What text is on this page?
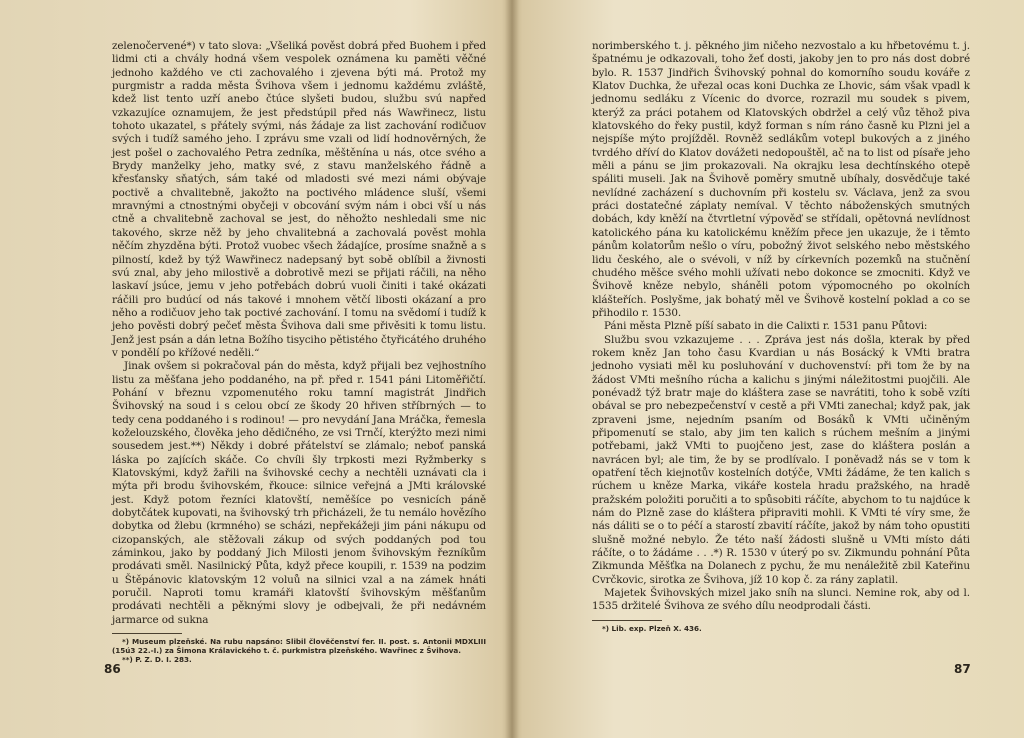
zelenočervené*) v tato slova: „Všeliká pověst dobrá před Buohem i před lidmi cti a chvály hodná všem vespolek oznámena ku paměti věčné jednoho každého ve cti zachovalého i zjevena býti má. Protož my purgmistr a radda města Švihova všem i jednomu každému zvláště, kdež list tento uzří anebo čtúce slyšeti budou, službu svú napřed vzkazujíce oznamujem, že jest předstúpil před nás Wawřinecz, listu tohoto ukazatel, s přátely svými, nás žádaje za list zachování rodičuov svých i tudíž samého jeho. I zprávu sme vzali od lidí hodnověrných, že jest pošel o zachovalého Petra zedníka, měštěnína u nás, otce svého a Brydy manželky jeho, matky své, z stavu manželského řádně a křesťansky sňatých, sám také od mladosti své mezi námi obývaje poctivě a chvalitebně, jakožto na poctivého mládence sluší, všemi mravnými a ctnostnými obyčeji v obcování svým nám i obci vší u nás ctně a chvalitebně zachoval se jest, do něhožto neshledali sme nic takového, skrze něž by jeho chvalitebná a zachovalá pověst mohla něčím zhyzděna býti. Protož vuobec všech žádajíce, prosíme snažně a s pilností, kdež by týž Wawřinecz nadepsaný byt sobě oblíbil a živnosti svú znal, aby jeho milostivě a dobrotivě mezi se přijati ráčili, na něho laskaví jsúce, jemu v jeho potřebách dobrú vuoli činiti i také okázati ráčili pro budúcí od nás takové i mnohem větčí libosti okázaní a pro něho a rodičuov jeho tak poctivé zachování. I tomu na svědomí i tudíž k jeho pověsti dobrý pečeť města Švihova dali sme přivěsiti k tomu listu. Jenž jest psán a dán letna Božího tisyciho pětistého čtyřicátého druhého v pondělí po křížové neděli.“

Jinak ovšem si pokračoval pán do města, když přijali bez vejhostního listu za měšťana jeho poddaného, na př. před r. 1541 páni Litoměřičtí. Pohání v březnu vzpomenutého roku tamní magistrát Jindřich Švihovský na soud i s celou obcí ze škody 20 hřiven stříbrných — to tedy cena poddaného i s rodinou! — pro nevydání Jana Mráčka, řemesla koželouzského, člověka jeho dědičného, ze vsi Trnčí, kterýžto mezi nimi sousedem jest.**) Někdy i dobré přátelství se zlámalo; neboť panská láska po zajících skáče. Co chvíli šly trpkosti mezi Ryžmberky s Klatovskými, když žařili na švihovské cechy a nechtěli uznávati cla i mýta při brodu švihovském, řkouce: silnice veřejná a JMti královské jest. Když potom řezníci klatovští, neměšíce po vesnicích páně dobytčátek kupovati, na švihovský trh přicházeli, že tu nemálo hovězího dobytka od žlebu (krmného) se scházi, nepřekážeji jim páni nákupu od cizopanských, ale stěžovali zákup od svých poddaných pod tou záminkou, jako by poddaný Jich Milosti jenom švihovským řezníkům prodávati směl. Nasilnický Půta, když přece koupili, r. 1539 na podzim u Štěpánovic klatovským 12 voluů na silnici vzal a na zámek hnáti poručil. Naproti tomu kramáři klatovští švihovským měšťanům prodávati nechtěli a pěknými slovy je odbejvali, že při nedávném jarmarce od sukna

*) Museum plzeňské. Na rubu napsáno: Slibil člověčenství fer. II. post. s. Antonii MDXLIII (15ú3 22.-I.) za Šimona Králavického t. č. purkmistra plzeňského. Wavřinec z Švihova.
**) P. Z. D. I. 283.
86

norimberského t. j. pěkného jim ničeho nezvostalo a ku hřbetovému t. j. špatnému je odkazovali, toho žeť dosti, jakoby jen to pro nás dost dobré bylo. R. 1537 Jindřich Švihovský pohnal do komorního soudu kováře z Klatov Duchka, že uřezal ocas koni Duchka ze Lhovic, sám však vpadl k jednomu sedláku z Vícenic do dvorce, rozrazil mu soudek s pivem, kterýž za práci potahem od Klatovských obdržel a celý vůz těhož piva klatovského do řeky pustil, když forman s ním ráno časně ku Plzni jel a nejspíše mýto projížděl. Rovněž sedlákům votepl bukových a z jiného tvrdého dříví do Klatov dovážeti nedopouštěl, ač na to list od písaře jeho měli a pánu se jim prokazovali. Na okrajku lesa dechtínského otepě spáliti museli. Jak na Švihově poměry smutně ubíhaly, dosvědčuje také nevlídné zacházení s duchovním při kostelu sv. Václava, jenž za svou práci dostatečné záplaty nemíval. V těchto náboženských smutných dobách, kdy kněží na čtvrtletní výpověď se střídali, opětovná nevlídnost katolického pána ku katolickému kněžím přece jen ukazuje, že i těmto pánům kolatorům nešlo o víru, pobožný život selského nebo městského lidu českého, ale o svévoli, v níž by církevních pozemků na stučnění chudého měšce svého mohli užívati nebo dokonce se zmocniti. Když ve Švihově kněze nebylo, sháněli potom výpomocného po okolních klášteřích. Poslyšme, jak bohatý měl ve Švihově kostelní poklad a co se přihodilo r. 1530.

Páni města Plzně píší sabato in die Calixti r. 1531 panu Půtovi:

Službu svou vzkazujeme . . . Zpráva jest nás došla, kterak by před rokem kněz Jan toho času Kvardian u nás Bosácký k VMti bratra jednoho vysiati měl ku posluhování v duchovenství: při tom že by na žádost VMti mešního rúcha a kalichu s jinými náležitostmi puojčili. Ale ponévadž týž bratr maje do kláštera zase se navrátiti, toho k sobě vzíti obával se pro nebezpečenství v cestě a při VMti zanechal; když pak, jak zpraveni jsme, nejedním psaním od Bosáků k VMti učiněným připomenutí se stalo, aby jim ten kalich s rúchem mešním a jinými potřebami, jakž VMti to puojčeno jest, zase do kláštera poslán a navrácen byl; ale tim, že by se prodlívalo. I poněvadž nás se v tom k opatření těch kiejnotův kostelních dotýče, VMti žádáme, že ten kalich s rúchem u kněze Marka, vikáře kostela hradu pražského, na hradě pražském položiti poručiti a to spůsobiti ráčíte, abychom to tu najdúce k nám do Plzně zase do kláštera připraviti mohli. K VMti té víry sme, že nás dáliti se o to péčí a starostí zbavití ráčíte, jakož by nám toho opustiti slušně možné nebylo. Že této naší žádosti slušně u VMti místo dáti ráčíte, o to žádáme . . .*) R. 1530 v úterý po sv. Zikmundu pohnání Půta Zikmunda Měšťka na Dolanech z pychu, že mu nenáležitě zbil Kateřinu Cvrčkovic, sirotka ze Švihova, jíž 10 kop č. za rány zaplatil.

Majetek Švihovských mizel jako sníh na slunci. Nemine rok, aby od l. 1535 držitelé Švihova ze svého dílu neodprodali části.

*) Lib. exp. Plzeň X. 436.
87
